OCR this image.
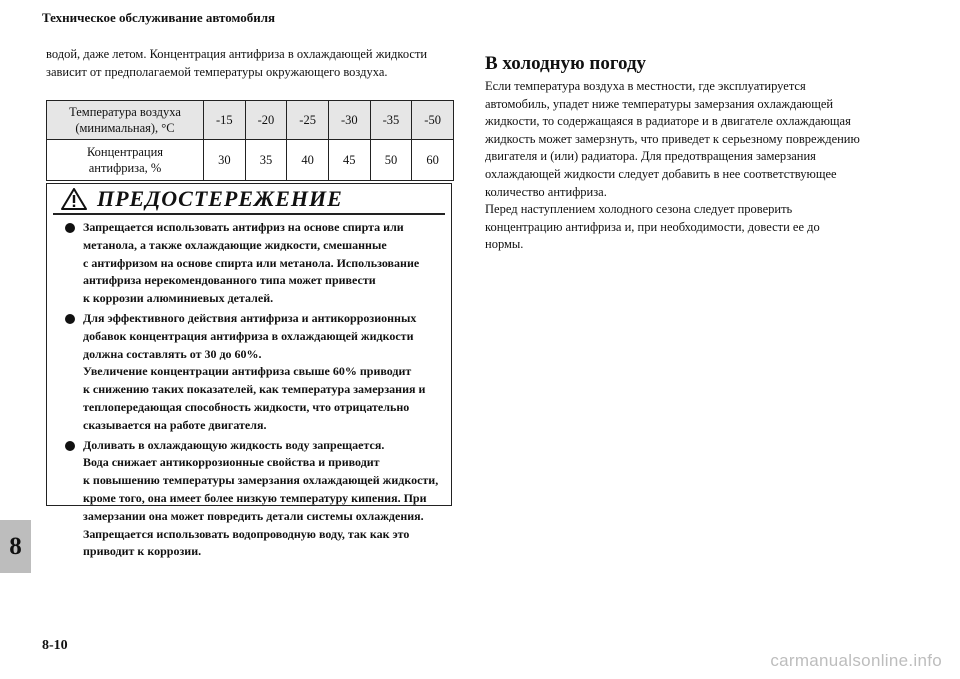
Техническое обслуживание автомобиля
водой, даже летом. Концентрация антифриза в охлаждающей жидкости
зависит от предполагаемой температуры окружающего воздуха.
Температура воздуха
(минимальная), °C	-15	-20	-25	-30	-35	-50
Концентрация
антифриза, %	30	35	40	45	50	60
ПРЕДОСТЕРЕЖЕНИЕ
Запрещается использовать антифриз на основе спирта или
метанола, а также охлаждающие жидкости, смешанные
с антифризом на основе спирта или метанола. Использование
антифриза нерекомендованного типа может привести
к коррозии алюминиевых деталей.
Для эффективного действия антифриза и антикоррозионных
добавок концентрация антифриза в охлаждающей жидкости
должна составлять от 30 до 60%.
Увеличение концентрации антифриза свыше 60% приводит
к снижению таких показателей, как температура замерзания и
теплопередающая способность жидкости, что отрицательно
сказывается на работе двигателя.
Доливать в охлаждающую жидкость воду запрещается.
Вода снижает антикоррозионные свойства и приводит
к повышению температуры замерзания охлаждающей жидкости,
кроме того, она имеет более низкую температуру кипения. При
замерзании она может повредить детали системы охлаждения.
Запрещается использовать водопроводную воду, так как это
приводит к коррозии.
В холодную погоду
Если температура воздуха в местности, где эксплуатируется
автомобиль, упадет ниже температуры замерзания охлаждающей
жидкости, то содержащаяся в радиаторе и в двигателе охлаждающая
жидкость может замерзнуть, что приведет к серьезному повреждению
двигателя и (или) радиатора. Для предотвращения замерзания
охлаждающей жидкости следует добавить в нее соответствующее
количество антифриза.
Перед наступлением холодного сезона следует проверить
концентрацию антифриза и, при необходимости, довести ее до
нормы.
8
8-10
carmanualsonline.info
